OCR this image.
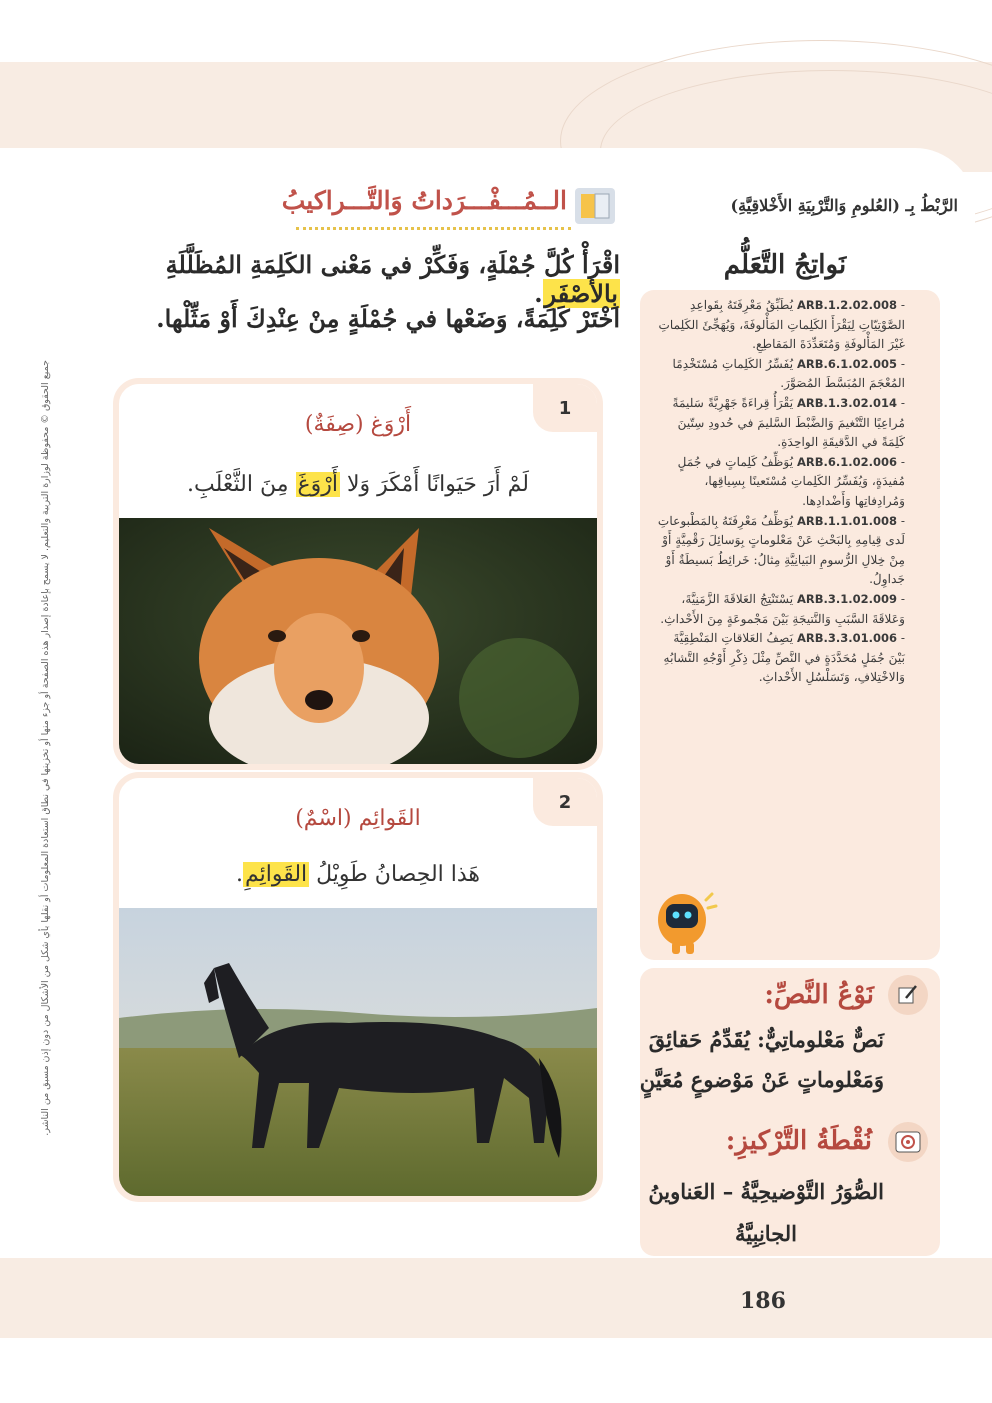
جميع الحقوق © محفوظة لوزارة التربية والتعليم. لا يسمح بإعادة إصدار هذه الصفحة أو جزء منها أو تخزينها في نطاق استعادة المعلومات أو نقلها بأي شكل من الأشكال من دون إذن مسبق من الناشر.
الرَّبْطُ بِـ (العُلومِ وَالتَّرْبِيَةِ الأَخْلاقِيَّةِ)
نَواتِجُ التَّعَلُّم
- ARB.1.2.02.008 يُطَبِّقُ مَعْرِفَتَهُ بِقَواعِدِ الصَّوْتِيّاتِ لِيَقْرَأَ الكَلِماتِ المَأْلوفَةَ، وَيُهَجِّئَ الكَلِماتِ غَيْرَ المَأْلوفَةِ وَمُتَعَدِّدَةَ المَقاطِعِ.
- ARB.6.1.02.005 يُفَسِّرُ الكَلِماتِ مُسْتَخْدِمًا المُعْجَمَ المُبَسَّطَ المُصَوَّرَ.
- ARB.1.3.02.014 يَقْرَأُ قِراءَةً جَهْرِيَّةً سَليمَةً مُراعِيًا التَّنْغيمَ وَالضَّبْطَ السَّليمَ في حُدودِ سِتّينَ كَلِمَةً في الدَّقيقَةِ الواحِدَةِ.
- ARB.6.1.02.006 يُوَظِّفُ كَلِماتٍ في جُمَلٍ مُفيدَةٍ، وَيُفَسِّرُ الكَلِماتِ مُسْتَعينًا بِسِياقِها، وَمُرادِفاتِها وَأَضْدادِها.
- ARB.1.1.01.008 يُوَظِّفُ مَعْرِفَتَهُ بِالمَطْبوعاتِ لَدى قِيامِهِ بِالبَحْثِ عَنْ مَعْلوماتٍ بِوَسائِلَ رَقْمِيَّةٍ أَوْ مِنْ خِلالِ الرُّسومِ البَيانِيَّةِ مِثالُ: خَرائِطُ بَسيطَةٌ أَوْ جَداوِلُ.
- ARB.3.1.02.009 يَسْتَنْتِجُ العَلاقَةَ الزَّمَنِيَّةَ، وَعَلاقَةَ السَّبَبِ وَالنَّتيجَةِ بَيْنَ مَجْموعَةٍ مِنَ الأَحْداثِ.
- ARB.3.3.01.006 يَصِفُ العَلاقاتِ المَنْطِقِيَّةَ بَيْنَ جُمَلٍ مُحَدَّدَةٍ في النَّصِّ مِثْلَ ذِكْرِ أَوْجُهِ التَّشابُهِ وَالاخْتِلافِ، وَتَسَلْسُلِ الأَحْداثِ.
نَوْعُ النَّصِّ:
نَصٌّ مَعْلوماتِيٌّ: يُقَدِّمُ حَقائِقَ وَمَعْلوماتٍ عَنْ مَوْضوعٍ مُعَيَّنٍ
نُقْطَةُ التَّرْكيزِ:
الصُّوَرُ التَّوْضيحِيَّةُ – العَناوينُ
الجانِبِيَّةُ
الــمُـــفْـــرَداتُ وَالتَّـــراكيبُ
اقْرَأْ كُلَّ جُمْلَةٍ، وَفَكِّرْ في مَعْنى الكَلِمَةِ المُظَلَّلَةِ بِالأَصْفَرِ.
اخْتَرْ كَلِمَةً، وَضَعْها في جُمْلَةٍ مِنْ عِنْدِكَ أَوْ مَثِّلْها.
1
أَرْوَغ (صِفَةٌ)
لَمْ أَرَ حَيَوانًا أَمْكَرَ وَلا أَرْوَغَ مِنَ الثَّعْلَبِ.
2
القَوائِم (اسْمٌ)
هَذا الحِصانُ طَوِيْلُ القَوائِمِ.
186
